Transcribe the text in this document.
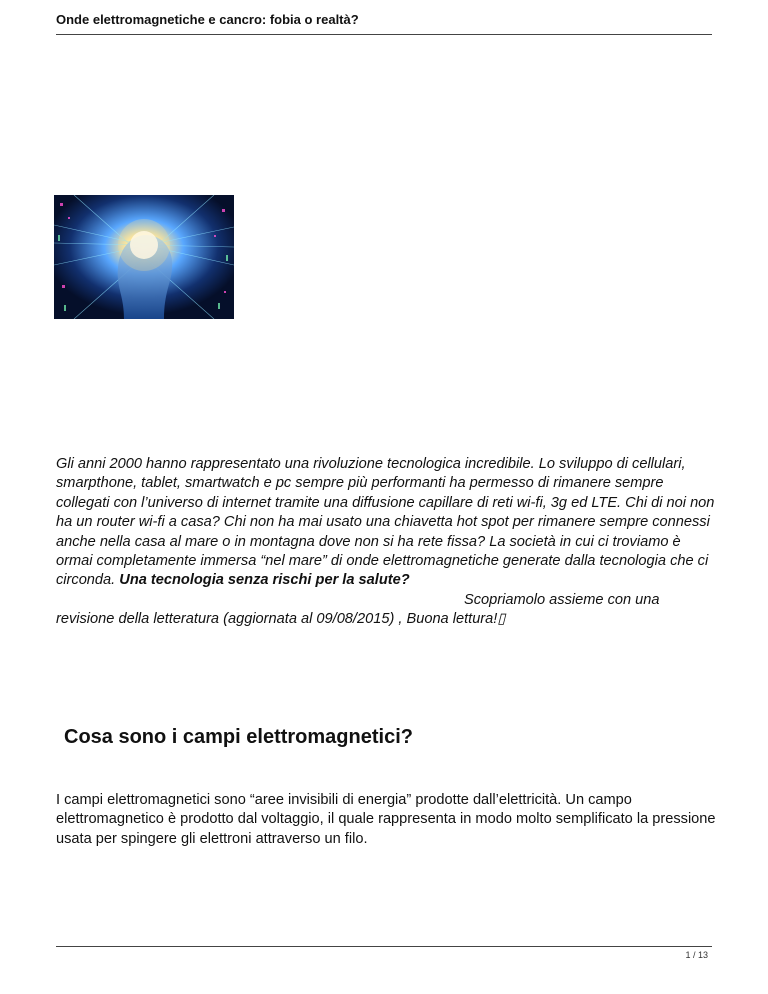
Onde elettromagnetiche e cancro: fobia o realtà?
Gli anni 2000 hanno rappresentato una rivoluzione tecnologica incredibile. Lo sviluppo di cellulari, smarpthone, tablet, smartwatch e pc sempre più performanti ha permesso di rimanere sempre collegati con l’universo di internet tramite una diffusione capillare di reti wi-fi, 3g ed LTE. Chi di noi non ha un router wi-fi a casa? Chi non ha mai usato una chiavetta hot spot per rimanere sempre connessi anche nella casa al mare o in montagna dove non si ha rete fissa? La società in cui ci troviamo è ormai completamente immersa “nel mare” di onde elettromagnetiche generate dalla tecnologia che ci circonda. Una tecnologia senza rischi per la salute?Scopriamolo assieme con una revisione della letteratura (aggiornata al 09/08/2015) , Buona lettura!▯
Cosa sono i campi elettromagnetici?

I campi elettromagnetici sono “aree invisibili di energia” prodotte dall’elettricità. Un campo elettromagnetico è prodotto dal voltaggio, il quale rappresenta in modo molto semplificato la pressione usata per spingere gli elettroni attraverso un filo.

1 / 13
